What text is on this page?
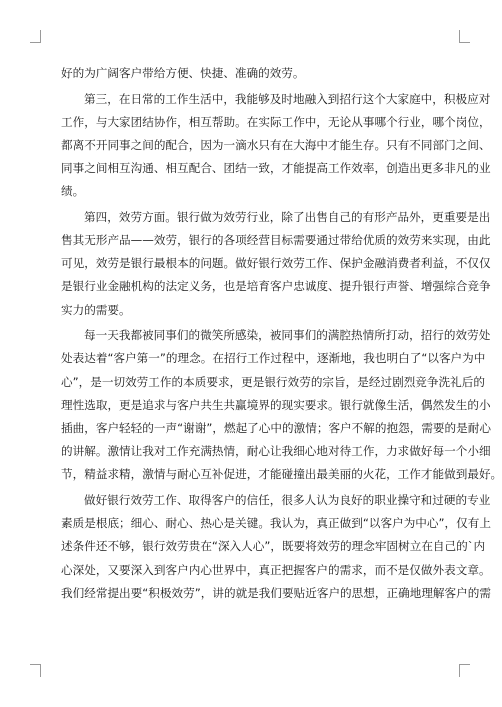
好的为广阔客户带给方便、快捷、准确的效劳。
第 三 ， 在 日 常 的 工 作 生 活 中 ， 我 能 够 及 时 地 融 入 到 招 行 这 个 大 家 庭 中 ， 积 极 应 对
工 作 ， 与 大 家 团 结 协 作 ， 相 互 帮 助 。 在 实 际 工 作 中 ， 无 论 从 事 哪 个 行 业 ， 哪 个 岗 位 ，
都 离 不 开 同 事 之 间 的 配 合 ， 因 为 一 滴 水 只 有 在 大 海 中 才 能 生 存 。 只 有 不 同 部 门 之 间 、
同 事 之 间 相 互 沟 通 、 相 互 配 合 、 团 结 一 致 ， 才 能 提 高 工 作 效 率 ， 创 造 出 更 多 非 凡 的 业
绩。
第 四 ， 效 劳 方 面 。 银 行 做 为 效 劳 行 业 ， 除 了 出 售 自 己 的 有 形 产 品 外 ， 更 重 要 是 出
售 其 无 形 产 品 — — 效 劳 ， 银 行 的 各 项 经 营 目 标 需 要 通 过 带 给 优 质 的 效 劳 来 实 现 ， 由 此
可 见 ， 效 劳 是 银 行 最 根 本 的 问 题 。 做 好 银 行 效 劳 工 作 、 保 护 金 融 消 费 者 利 益 ， 不 仅 仅
是 银 行 业 金 融 机 构 的 法 定 义 务 ， 也 是 培 育 客 户 忠 诚 度 、 提 升 银 行 声 誉 、 增 强 综 合 竞 争
实力的需要。
每 一 天 我 都 被 同 事 们 的 微 笑 所 感 染 ， 被 同 事 们 的 满 腔 热 情 所 打 动 ， 招 行 的 效 劳 处
处 表 达 着 “ 客 户 第 一 ” 的 理 念 。 在 招 行 工 作 过 程 中 ， 逐 渐 地 ， 我 也 明 白 了 “ 以 客 户 为 中
心 ” ， 是 一 切 效 劳 工 作 的 本 质 要 求 ， 更 是 银 行 效 劳 的 宗 旨 ， 是 经 过 剧 烈 竞 争 洗 礼 后 的
理 性 选 取 ， 更 是 追 求 与 客 户 共 生 共 赢 境 界 的 现 实 要 求 。 银 行 就 像 生 活 ， 偶 然 发 生 的 小
插 曲 ， 客 户 轻 轻 的 一 声 “ 谢 谢 ” ， 燃 起 了 心 中 的 激 情 ； 客 户 不 解 的 抱 怨 ， 需 要 的 是 耐 心
的 讲 解 。 激 情 让 我 对 工 作 充 满 热 情 ， 耐 心 让 我 细 心 地 对 待 工 作 ， 力 求 做 好 每 一 个 小 细
节 ， 精 益 求 精 ， 激 情 与 耐 心 互 补 促 进 ， 才 能 碰 撞 出 最 美 丽 的 火 花 ， 工 作 才 能 做 到 最 好 。
做 好 银 行 效 劳 工 作 、 取 得 客 户 的 信 任 ， 很 多 人 认 为 良 好 的 职 业 操 守 和 过 硬 的 专 业
素 质 是 根 底 ； 细 心 、 耐 心 、 热 心 是 关 键 。 我 认 为 ， 真 正 做 到 “ 以 客 户 为 中 心 ” ， 仅 有 上
述 条 件 还 不 够 ， 银 行 效 劳 贵 在 “ 深 入 人 心 ” ， 既 要 将 效 劳 的 理 念 牢 固 树 立 在 自 己 的 ` 内
心 深 处 ， 又 要 深 入 到 客 户 内 心 世 界 中 ， 真 正 把 握 客 户 的 需 求 ， 而 不 是 仅 做 外 表 文 章 。
我 们 经 常 提 出 要 “ 积 极 效 劳 ” ， 讲 的 就 是 我 们 要 贴 近 客 户 的 思 想 ， 正 确 地 理 解 客 户 的 需
